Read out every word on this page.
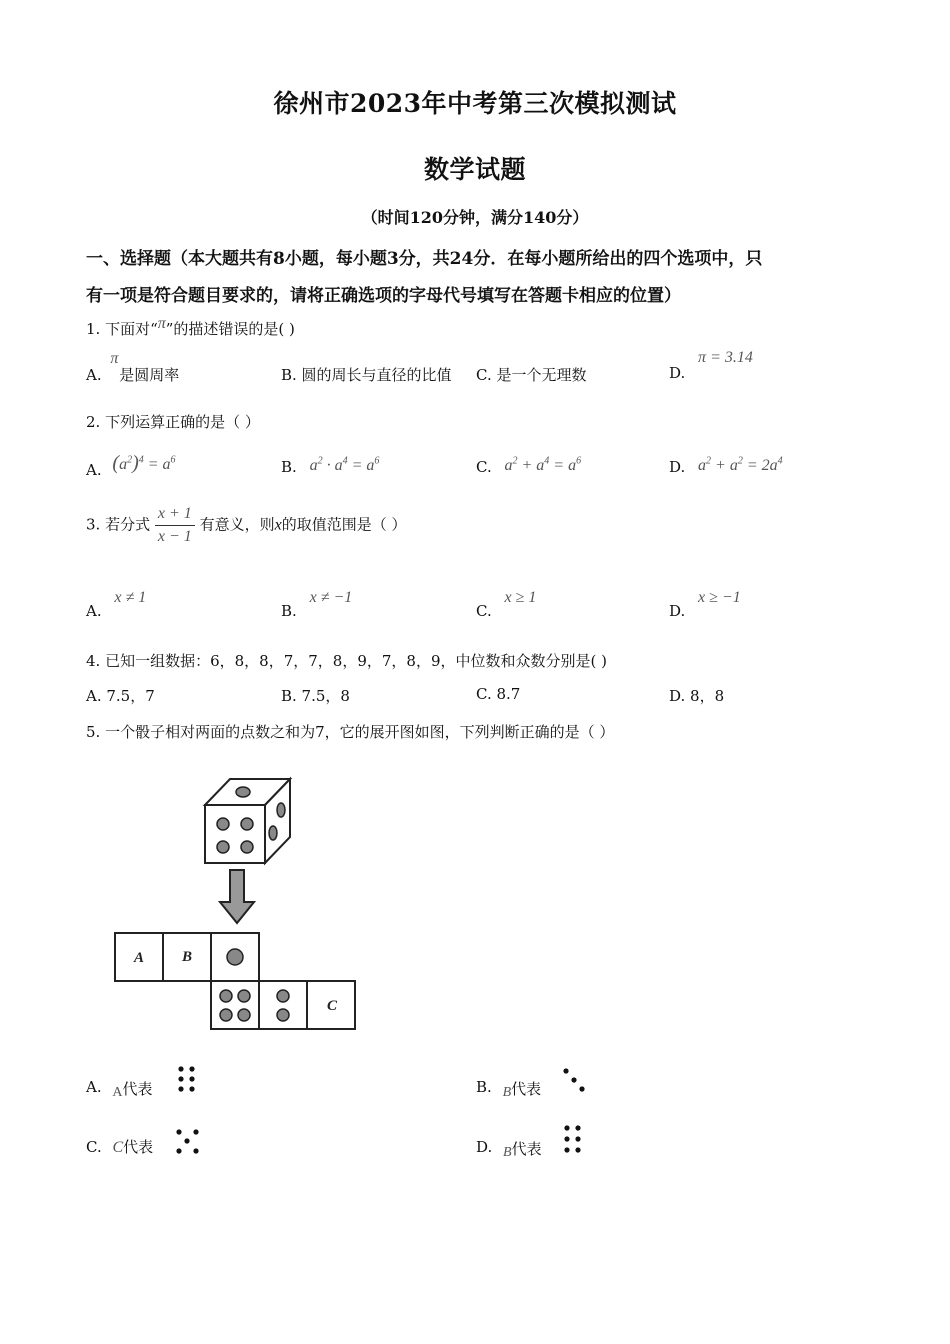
徐州市2023年中考第三次模拟测试
数学试题
（时间120分钟，满分140分）
一、选择题（本大题共有8小题，每小题3分，共24分．在每小题所给出的四个选项中，只
有一项是符合题目要求的，请将正确选项的字母代号填写在答题卡相应的位置）
1. 下面对“π”的描述错误的是( )
A. π 是圆周率	B. 圆的周长与直径的比值 C. 是一个无理数	D. π = 3.14
2. 下列运算正确的是（ ）
A. $(a^2)^4 = a^6$	B. $a^2 \cdot a^4 = a^6$	C. $a^2 + a^4 = a^6$	D. $a^2 + a^2 = 2a^4$
3. 若分式 $\frac{x + 1}{x - 1}$ 有意义，则x的取值范围是（ ）
A. x ≠ 1
B. x ≠ −1
C. x ≥ 1
D. x ≥ −1
4. 已知一组数据：6，8，8，7，7，8，9，7，8，9，中位数和众数分别是( )
A. 7.5，7	B. 7.5，8	C. 8.7	D. 8，8
5. 一个骰子相对两面的点数之和为7，它的展开图如图，下列判断正确的是（ ）
A	B
C
A. A代表	B. B代表
C. C代表	D. B代表
